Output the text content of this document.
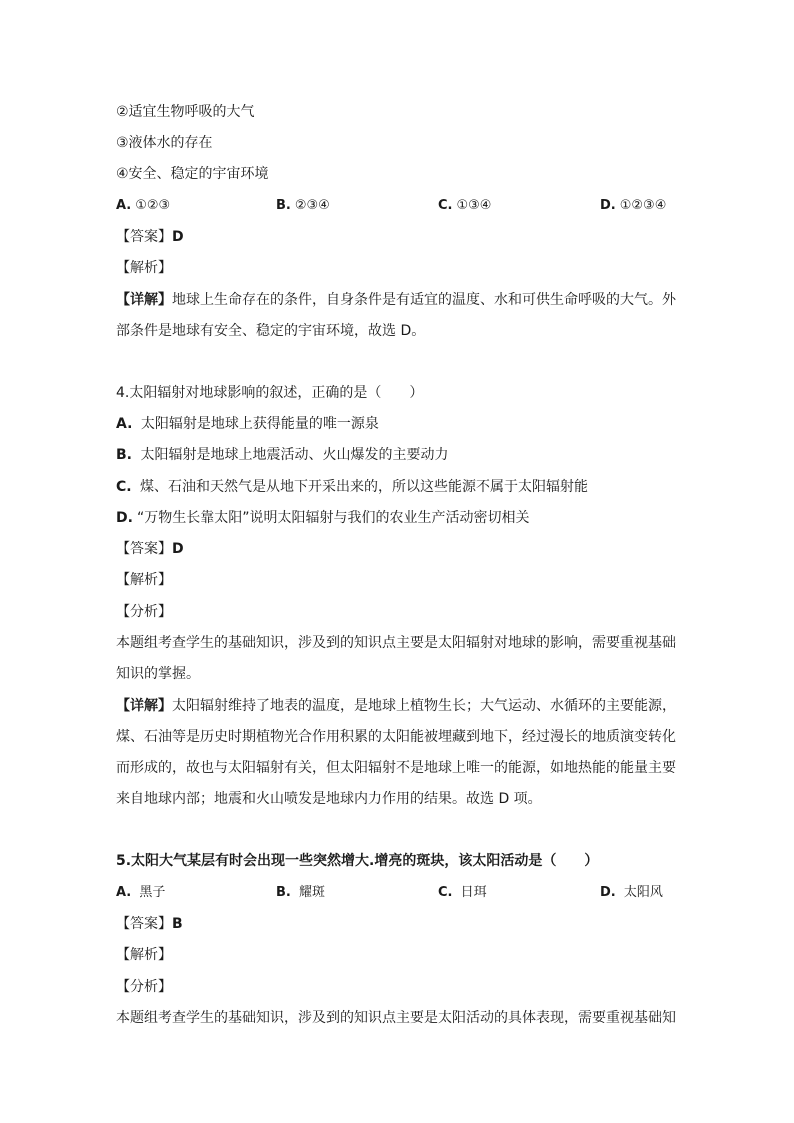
②适宜生物呼吸的大气
③液体水的存在
④安全、稳定的宇宙环境
A. ①②③	B. ②③④	C. ①③④	D. ①②③④
【答案】D
【解析】
【详解】地球上生命存在的条件，自身条件是有适宜的温度、水和可供生命呼吸的大气。外
部条件是地球有安全、稳定的宇宙环境，故选 D。
4.太阳辐射对地球影响的叙述，正确的是（　　）
A. 太阳辐射是地球上获得能量的唯一源泉
B. 太阳辐射是地球上地震活动、火山爆发的主要动力
C. 煤、石油和天然气是从地下开采出来的，所以这些能源不属于太阳辐射能
D. “万物生长靠太阳”说明太阳辐射与我们的农业生产活动密切相关
【答案】D
【解析】
【分析】
本题组考查学生的基础知识，涉及到的知识点主要是太阳辐射对地球的影响，需要重视基础
知识的掌握。
【详解】太阳辐射维持了地表的温度，是地球上植物生长；大气运动、水循环的主要能源，
煤、石油等是历史时期植物光合作用积累的太阳能被埋藏到地下，经过漫长的地质演变转化
而形成的，故也与太阳辐射有关，但太阳辐射不是地球上唯一的能源，如地热能的能量主要
来自地球内部；地震和火山喷发是地球内力作用的结果。故选 D 项。
5.太阳大气某层有时会出现一些突然增大.增亮的斑块，该太阳活动是（　　）
A. 黑子	B. 耀斑	C. 日珥	D. 太阳风
【答案】B
【解析】
【分析】
本题组考查学生的基础知识，涉及到的知识点主要是太阳活动的具体表现，需要重视基础知
